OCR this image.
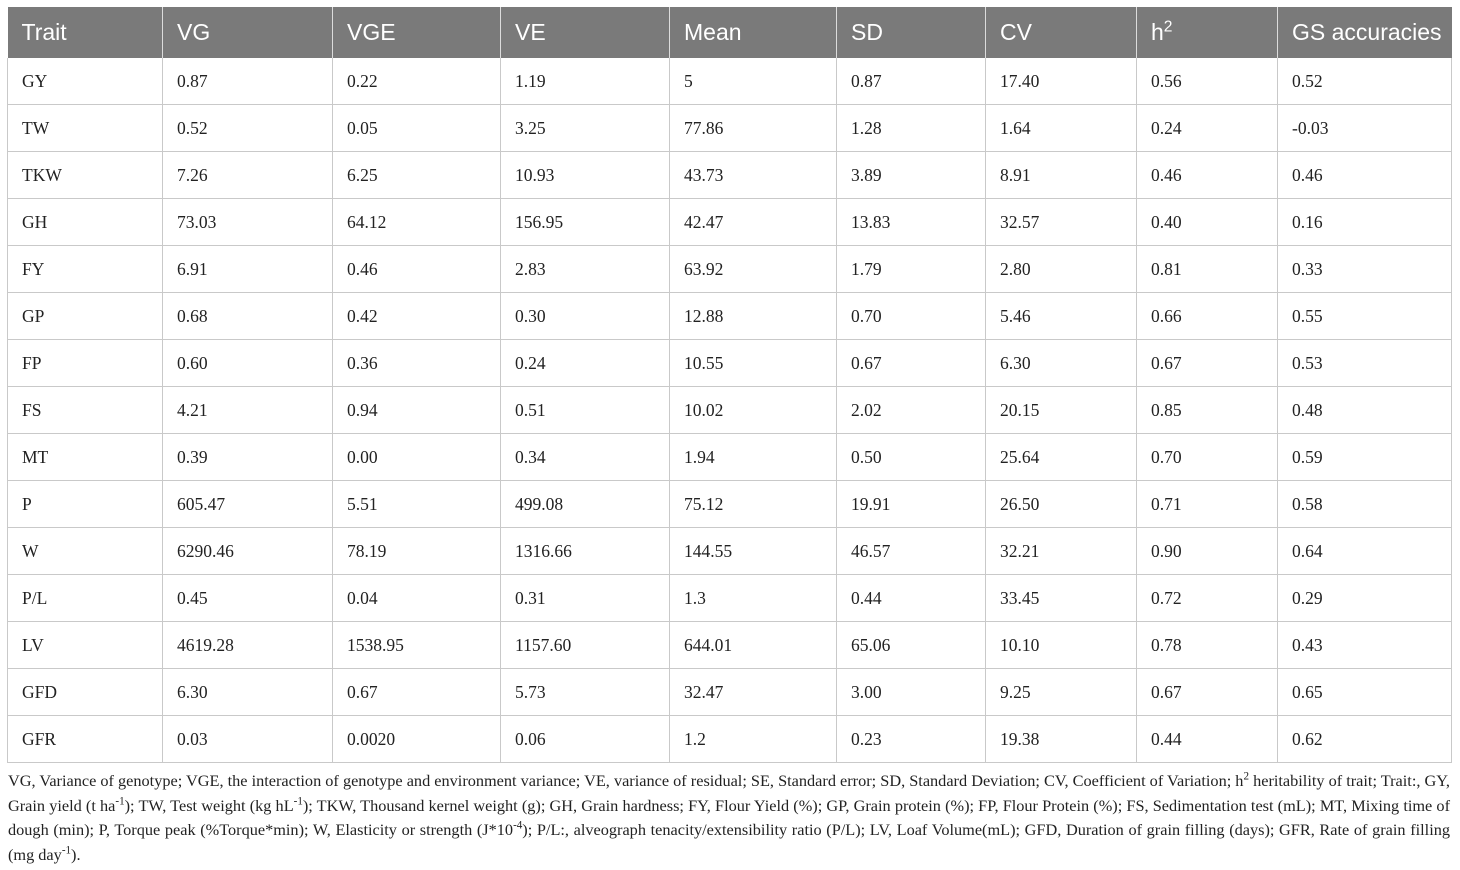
Trait	VG	VGE	VE	Mean	SD	CV	$h^2$	GS accuracies
GY	0.87	0.22	1.19	5	0.87	17.40	0.56	0.52
TW	0.52	0.05	3.25	77.86	1.28	1.64	0.24	-0.03
TKW	7.26	6.25	10.93	43.73	3.89	8.91	0.46	0.46
GH	73.03	64.12	156.95	42.47	13.83	32.57	0.40	0.16
FY	6.91	0.46	2.83	63.92	1.79	2.80	0.81	0.33
GP	0.68	0.42	0.30	12.88	0.70	5.46	0.66	0.55
FP	0.60	0.36	0.24	10.55	0.67	6.30	0.67	0.53
FS	4.21	0.94	0.51	10.02	2.02	20.15	0.85	0.48
MT	0.39	0.00	0.34	1.94	0.50	25.64	0.70	0.59
P	605.47	5.51	499.08	75.12	19.91	26.50	0.71	0.58
W	6290.46	78.19	1316.66	144.55	46.57	32.21	0.90	0.64
P/L	0.45	0.04	0.31	1.3	0.44	33.45	0.72	0.29
LV	4619.28	1538.95	1157.60	644.01	65.06	10.10	0.78	0.43
GFD	6.30	0.67	5.73	32.47	3.00	9.25	0.67	0.65
GFR	0.03	0.0020	0.06	1.2	0.23	19.38	0.44	0.62
VG, Variance of genotype; VGE, the interaction of genotype and environment variance; VE, variance of residual; SE, Standard error; SD, Standard Deviation; CV, Coefficient of Variation; $h^2$ heritability of trait; Trait:, GY, Grain yield (t $ha^{-1}$); TW, Test weight (kg $hL^{-1}$); TKW, Thousand kernel weight (g); GH, Grain hardness; FY, Flour Yield (%); GP, Grain protein (%); FP, Flour Protein (%); FS, Sedimentation test (mL); MT, Mixing time of dough (min); P, Torque peak (%Torque*min); W, Elasticity or strength $(J*10^{-4})$; P/L:, alveograph tenacity/extensibility ratio (P/L); LV, Loaf Volume(mL); GFD, Duration of grain filling (days); GFR, Rate of grain filling (mg day$^{-1}$).
